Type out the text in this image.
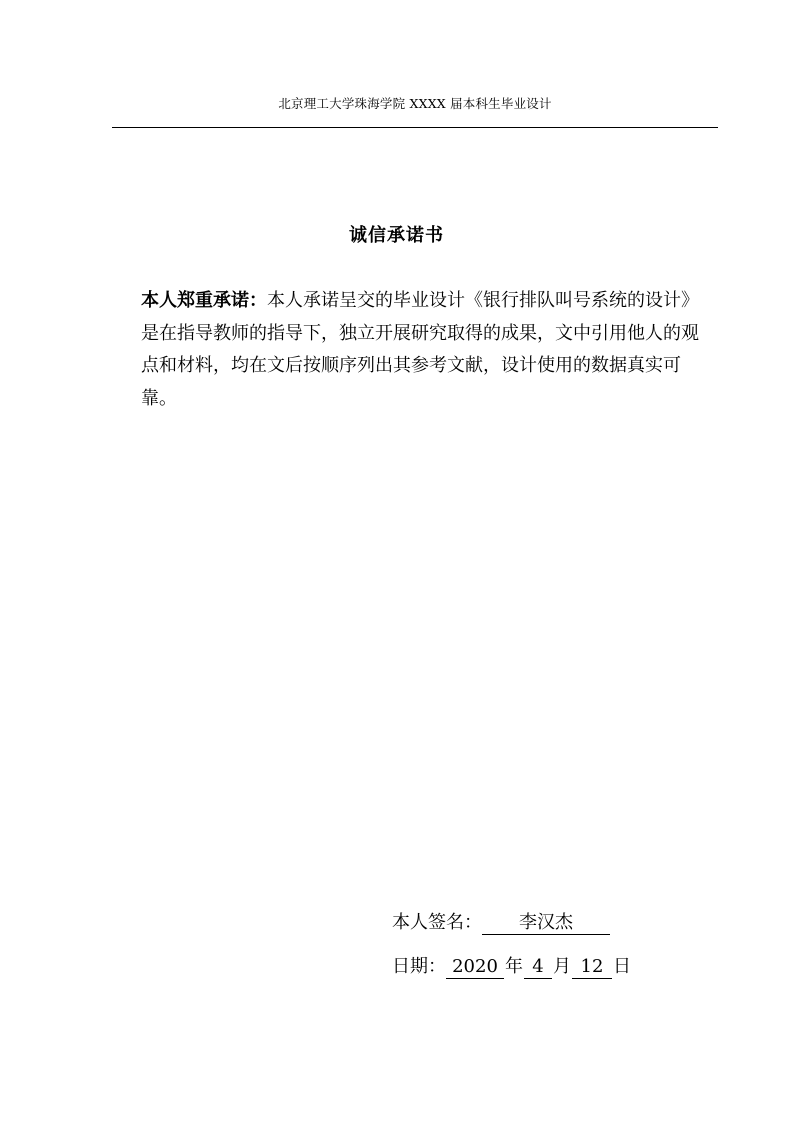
北京理工大学珠海学院 XXXX 届本科生毕业设计
诚信承诺书

本人郑重承诺：本人承诺呈交的毕业设计《银行排队叫号系统的设计》是在指导教师的指导下，独立开展研究取得的成果，文中引用他人的观点和材料，均在文后按顺序列出其参考文献，设计使用的数据真实可靠。

本人签名： 李汉杰
日期： 2020 年 4 月 12 日
